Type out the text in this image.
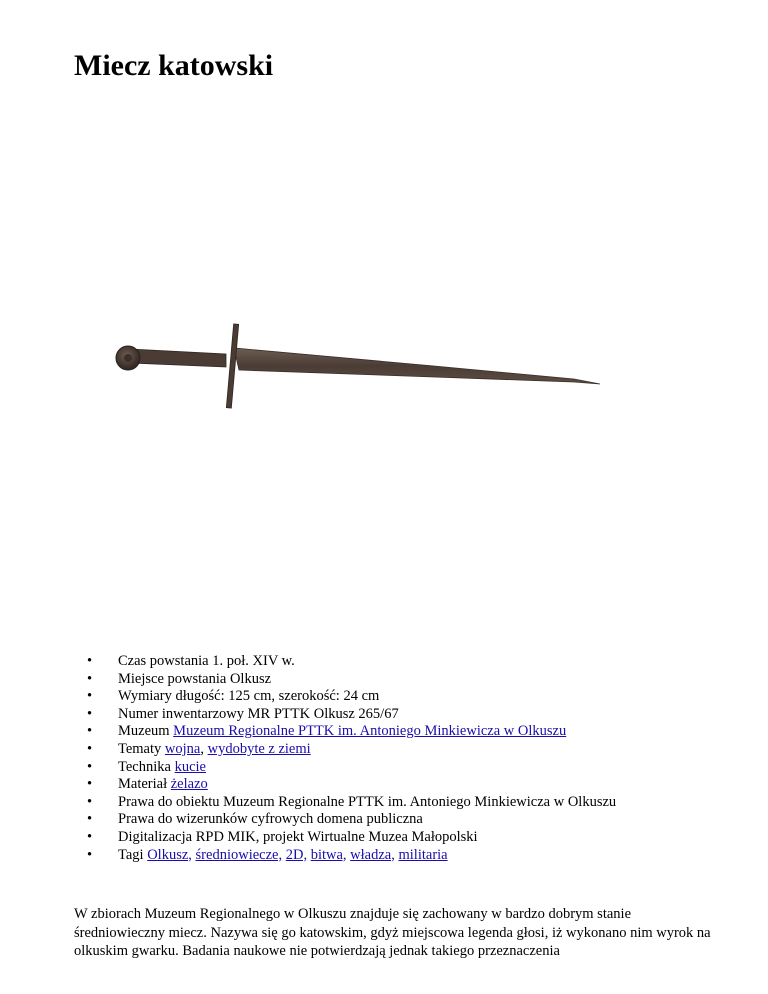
Miecz katowski
• Czas powstania 1. poł. XIV w.
• Miejsce powstania Olkusz
• Wymiary długość: 125 cm, szerokość: 24 cm
• Numer inwentarzowy MR PTTK Olkusz 265/67
• Muzeum Muzeum Regionalne PTTK im. Antoniego Minkiewicza w Olkuszu
• Tematy wojna, wydobyte z ziemi
• Technika kucie
• Materiał żelazo
• Prawa do obiektu Muzeum Regionalne PTTK im. Antoniego Minkiewicza w Olkuszu
• Prawa do wizerunków cyfrowych domena publiczna
• Digitalizacja RPD MIK, projekt Wirtualne Muzea Małopolski
• Tagi Olkusz, średniowiecze, 2D, bitwa, władza, militaria

W zbiorach Muzeum Regionalnego w Olkuszu znajduje się zachowany w bardzo dobrym stanie średniowieczny miecz. Nazywa się go katowskim, gdyż miejscowa legenda głosi, iż wykonano nim wyrok na olkuskim gwarku. Badania naukowe nie potwierdzają jednak takiego przeznaczenia
